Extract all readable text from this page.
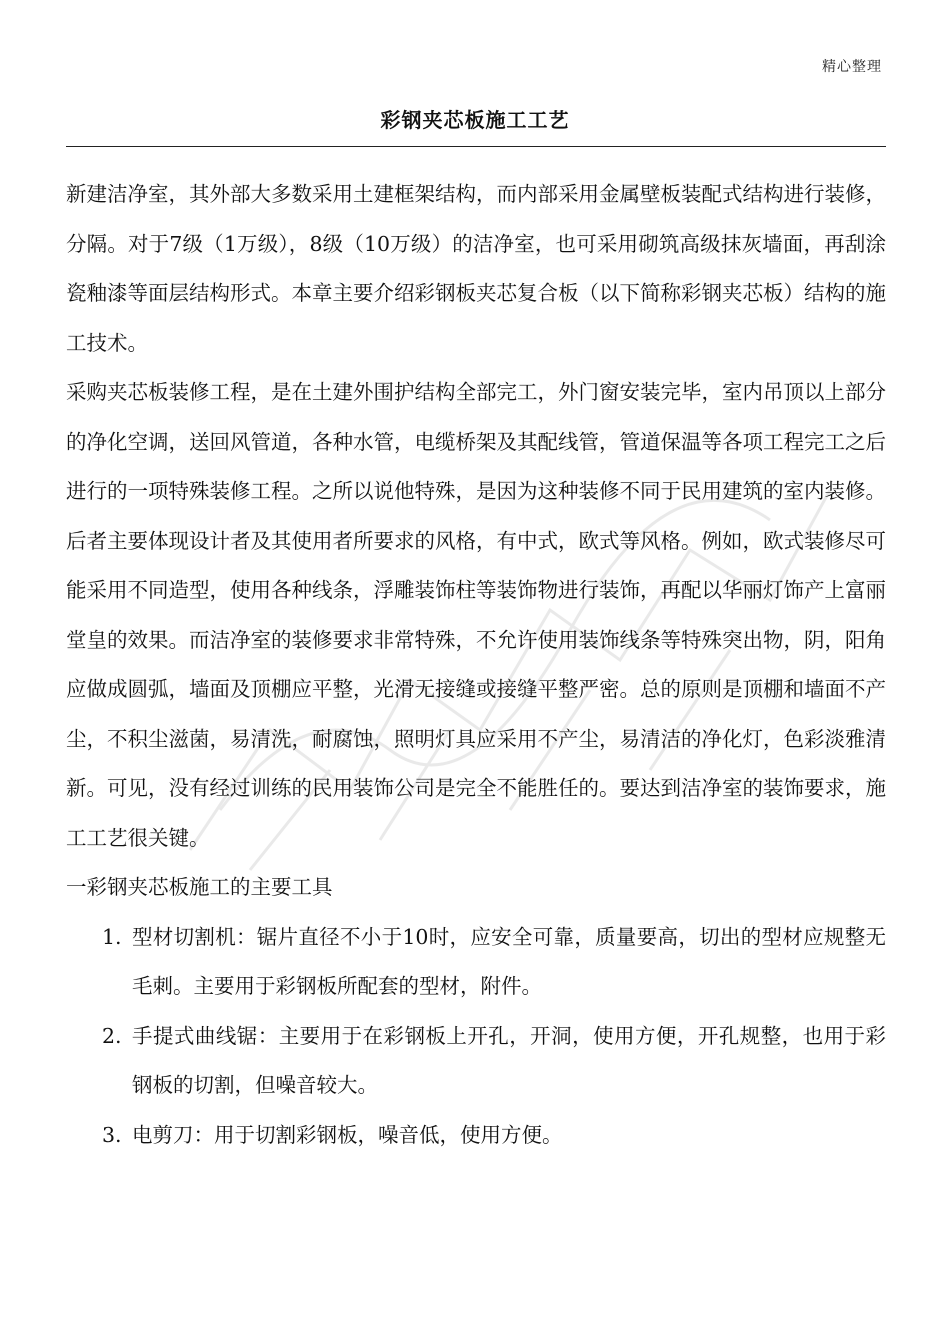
精心整理
彩钢夹芯板施工工艺

新建洁净室，其外部大多数采用土建框架结构，而内部采用金属壁板装配式结构进行装修，分隔。对于7级（1万级），8级（10万级）的洁净室，也可采用砌筑高级抹灰墙面，再刮涂瓷釉漆等面层结构形式。本章主要介绍彩钢板夹芯复合板（以下简称彩钢夹芯板）结构的施工技术。

采购夹芯板装修工程，是在土建外围护结构全部完工，外门窗安装完毕，室内吊顶以上部分的净化空调，送回风管道，各种水管，电缆桥架及其配线管，管道保温等各项工程完工之后进行的一项特殊装修工程。之所以说他特殊，是因为这种装修不同于民用建筑的室内装修。后者主要体现设计者及其使用者所要求的风格，有中式，欧式等风格。例如，欧式装修尽可能采用不同造型，使用各种线条，浮雕装饰柱等装饰物进行装饰，再配以华丽灯饰产上富丽堂皇的效果。而洁净室的装修要求非常特殊，不允许使用装饰线条等特殊突出物，阴，阳角应做成圆弧，墙面及顶棚应平整，光滑无接缝或接缝平整严密。总的原则是顶棚和墙面不产尘，不积尘滋菌，易清洗，耐腐蚀，照明灯具应采用不产尘，易清洁的净化灯，色彩淡雅清新。可见，没有经过训练的民用装饰公司是完全不能胜任的。要达到洁净室的装饰要求，施工工艺很关键。

一彩钢夹芯板施工的主要工具

1. 型材切割机：锯片直径不小于10时，应安全可靠，质量要高，切出的型材应规整无毛刺。主要用于彩钢板所配套的型材，附件。
2. 手提式曲线锯：主要用于在彩钢板上开孔，开洞，使用方便，开孔规整，也用于彩钢板的切割，但噪音较大。
3. 电剪刀：用于切割彩钢板，噪音低，使用方便。
